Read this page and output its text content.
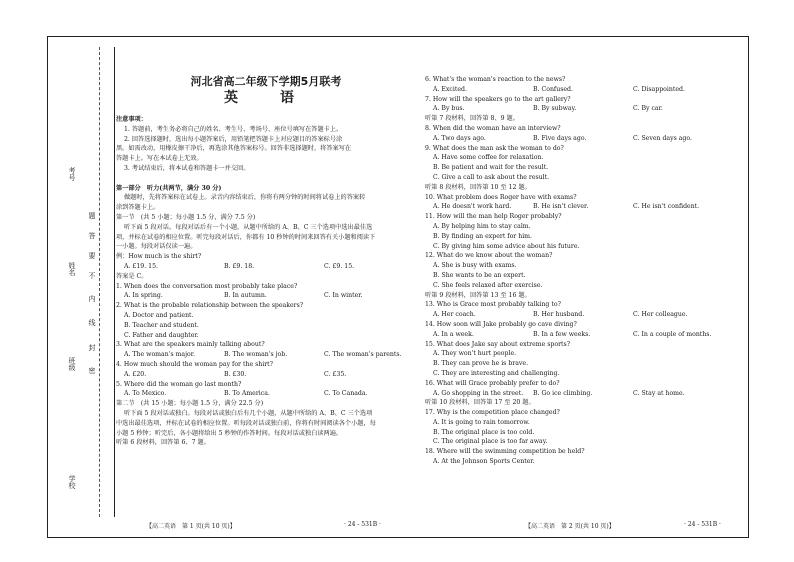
考号
姓名
班级
学校
题
答
要
不
内
线
封
密
河北省高二年级下学期5月联考
英　语
注意事项：
1. 答题前，考生务必将自己的姓名、考生号、考场号、座位号填写在答题卡上。
2. 回答选择题时，选出每小题答案后，用铅笔把答题卡上对应题目的答案标号涂
黑。如需改动，用橡皮擦干净后，再选涂其他答案标号。回答非选择题时，将答案写在
答题卡上。写在本试卷上无效。
3. 考试结束后，将本试卷和答题卡一并交回。
第一部分　听力(共两节，满分 30 分)
做题时，先将答案标在试卷上。录音内容结束后，你将有两分钟的时间将试卷上的答案转
涂到答题卡上。
第一节　(共 5 小题；每小题 1.5 分，满分 7.5 分)
听下面 5 段对话。每段对话后有一个小题，从题中所给的 A、B、C 三个选项中选出最佳选
项，并标在试卷的相应位置。听完每段对话后，你都有 10 秒钟的时间来回答有关小题和阅读下
一小题。每段对话仅读一遍。
例：How much is the shirt?
A. £19. 15.	B. £9. 18.	C. £9. 15.
答案是 C。
1. When does the conversation most probably take place?
A. In spring.	B. In autumn.	C. In winter.
2. What is the probable relationship between the speakers?
A. Doctor and patient.
B. Teacher and student.
C. Father and daughter.
3. What are the speakers mainly talking about?
A. The woman's major.	B. The woman's job.	C. The woman's parents.
4. How much should the woman pay for the shirt?
A. £20.	B. £30.	C. £35.
5. Where did the woman go last month?
A. To Mexico.	B. To America.	C. To Canada.
第二节　(共 15 小题；每小题 1.5 分，满分 22.5 分)
听下面 5 段对话或独白。每段对话或独白后有几个小题，从题中所给的 A、B、C 三个选项
中选出最佳选项，并标在试卷的相应位置。听每段对话或独白前，你将有时间阅读各个小题，每
小题 5 秒钟；听完后，各小题将给出 5 秒钟的作答时间。每段对话或独白读两遍。
听第 6 段材料，回答第 6、7 题。
6. What's the woman's reaction to the news?
A. Excited.	B. Confused.	C. Disappointed.
7. How will the speakers go to the art gallery?
A. By bus.	B. By subway.	C. By car.
听第 7 段材料，回答第 8、9 题。
8. When did the woman have an interview?
A. Two days ago.	B. Five days ago.	C. Seven days ago.
9. What does the man ask the woman to do?
A. Have some coffee for relaxation.
B. Be patient and wait for the result.
C. Give a call to ask about the result.
听第 8 段材料，回答第 10 至 12 题。
10. What problem does Roger have with exams?
A. He doesn't work hard.	B. He isn't clever.	C. He isn't confident.
11. How will the man help Roger probably?
A. By helping him to stay calm.
B. By finding an expert for him.
C. By giving him some advice about his future.
12. What do we know about the woman?
A. She is busy with exams.
B. She wants to be an expert.
C. She feels relaxed after exercise.
听第 9 段材料，回答第 13 至 16 题。
13. Who is Grace most probably talking to?
A. Her coach.	B. Her husband.	C. Her colleague.
14. How soon will Jake probably go cave diving?
A. In a week.	B. In a few weeks.	C. In a couple of months.
15. What does Jake say about extreme sports?
A. They won't hurt people.
B. They can prove he is brave.
C. They are interesting and challenging.
16. What will Grace probably prefer to do?
A. Go shopping in the street. B. Go ice climbing.	C. Stay at home.
听第 10 段材料，回答第 17 至 20 题。
17. Why is the competition place changed?
A. It is going to rain tomorrow.
B. The original place is too cold.
C. The original place is too far away.
18. Where will the swimming competition be held?
A. At the Johnson Sports Center.
【高二英语　第 1 页(共 10 页)】	· 24 - 531B ·	【高二英语　第 2 页(共 10 页)】	· 24 - 531B ·
